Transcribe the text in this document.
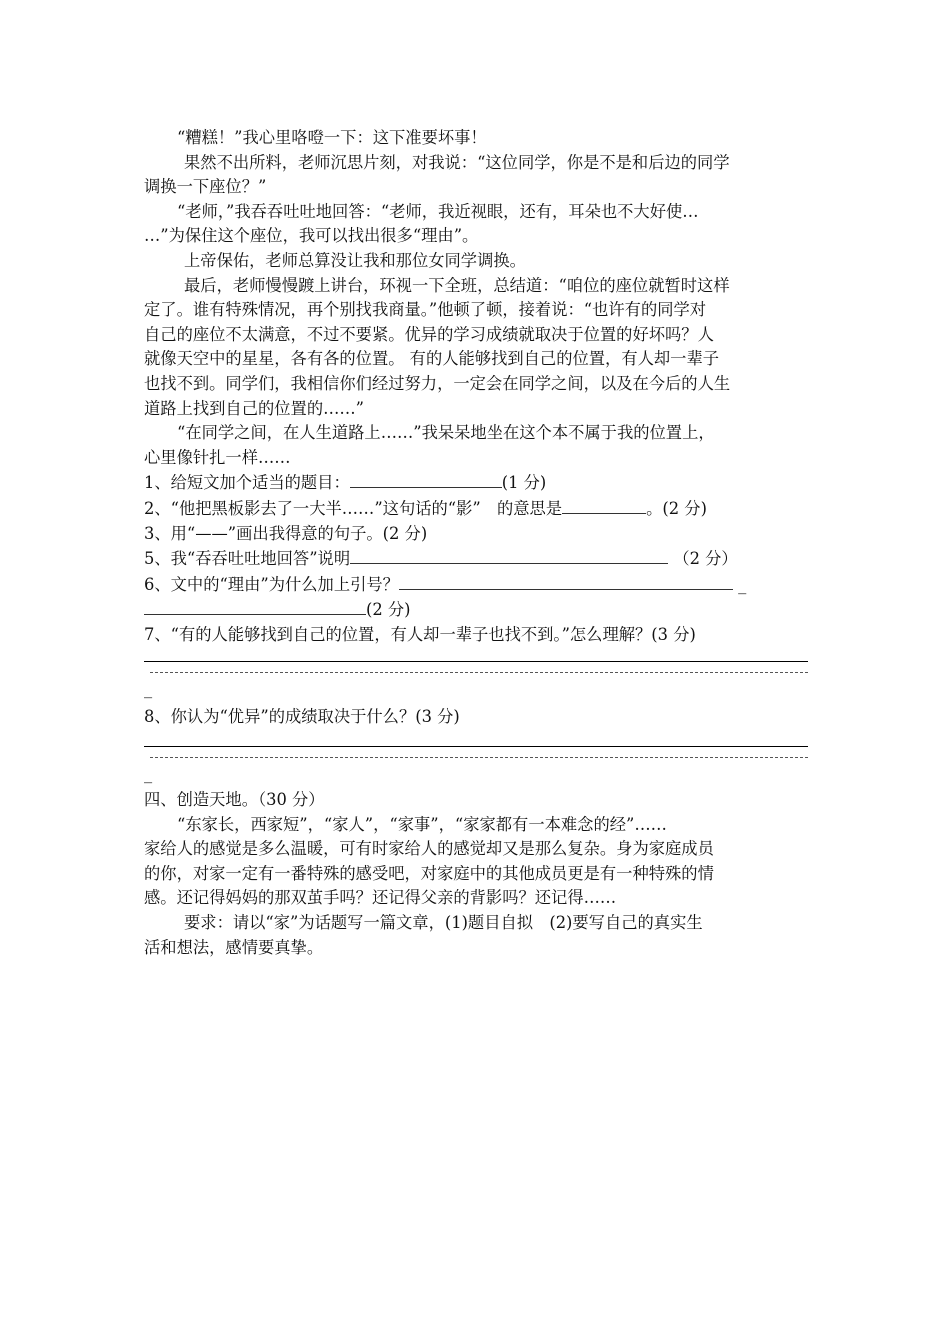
“糟糕！”我心里咯噔一下：这下准要坏事！

果然不出所料，老师沉思片刻，对我说：“这位同学，你是不是和后边的同学

调换一下座位？”

“老师，”我吞吞吐吐地回答：“老师，我近视眼，还有，耳朵也不大好使…

…”为保住这个座位，我可以找出很多“理由”。

上帝保佑，老师总算没让我和那位女同学调换。

最后，老师慢慢踱上讲台，环视一下全班，总结道：“咱位的座位就暂时这样

定了。谁有特殊情况，再个别找我商量。”他顿了顿，接着说：“也许有的同学对

自己的座位不太满意，不过不要紧。优异的学习成绩就取决于位置的好坏吗？人

就像天空中的星星，各有各的位置。 有的人能够找到自己的位置，有人却一辈子

也找不到。同学们，我相信你们经过努力，一定会在同学之间，以及在今后的人生

道路上找到自己的位置的……”

“在同学之间，在人生道路上……”我呆呆地坐在这个本不属于我的位置上，

心里像针扎一样……

1、给短文加个适当的题目：	(1 分)

2、“他把黑板影去了一大半……”这句话的“影”　的意思是	。(2 分)

3、用“——”画出我得意的句子。(2 分)

5、我“吞吞吐吐地回答”说明	（2 分）

6、文中的“理由”为什么加上引号？	_

(2 分)

7、“有的人能够找到自己的位置，有人却一辈子也找不到。”怎么理解？(3 分)

_

8、你认为“优异”的成绩取决于什么？(3 分)

_

四、创造天地。（30 分）

“东家长，西家短”，“家人”，“家事”，“家家都有一本难念的经”……

家给人的感觉是多么温暖，可有时家给人的感觉却又是那么复杂。身为家庭成员

的你，对家一定有一番特殊的感受吧，对家庭中的其他成员更是有一种特殊的情

感。还记得妈妈的那双茧手吗？还记得父亲的背影吗？还记得……

要求：请以“家”为话题写一篇文章，(1)题目自拟　(2)要写自己的真实生

活和想法，感情要真挚。
